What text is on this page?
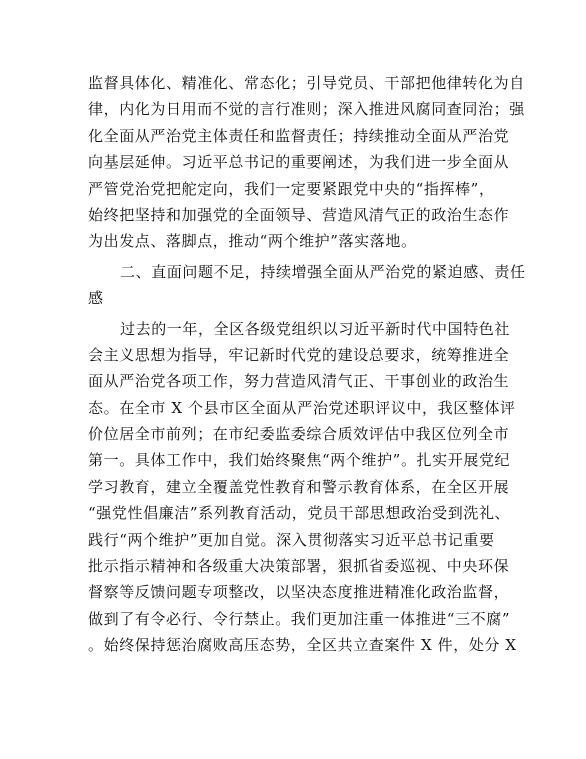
监督具体化、精准化、常态化；引导党员、干部把他律转化为自
律，内化为日用而不觉的言行准则；深入推进风腐同查同治；强
化全面从严治党主体责任和监督责任；持续推动全面从严治党
向基层延伸。习近平总书记的重要阐述，为我们进一步全面从
严管党治党把舵定向，我们一定要紧跟党中央的“指挥棒”，
始终把坚持和加强党的全面领导、营造风清气正的政治生态作
为出发点、落脚点，推动“两个维护”落实落地。
二、直面问题不足，持续增强全面从严治党的紧迫感、责任
感
过去的一年，全区各级党组织以习近平新时代中国特色社
会主义思想为指导，牢记新时代党的建设总要求，统筹推进全
面从严治党各项工作，努力营造风清气正、干事创业的政治生
态。在全市 X 个县市区全面从严治党述职评议中，我区整体评
价位居全市前列；在市纪委监委综合质效评估中我区位列全市
第一。具体工作中，我们始终聚焦“两个维护”。扎实开展党纪
学习教育，建立全覆盖党性教育和警示教育体系，在全区开展
“强党性倡廉洁”系列教育活动，党员干部思想政治受到洗礼、
践行“两个维护”更加自觉。深入贯彻落实习近平总书记重要
批示指示精神和各级重大决策部署，狠抓省委巡视、中央环保
督察等反馈问题专项整改，以坚决态度推进精准化政治监督，
做到了有令必行、令行禁止。我们更加注重一体推进“三不腐”
。始终保持惩治腐败高压态势，全区共立查案件 X 件，处分 X
